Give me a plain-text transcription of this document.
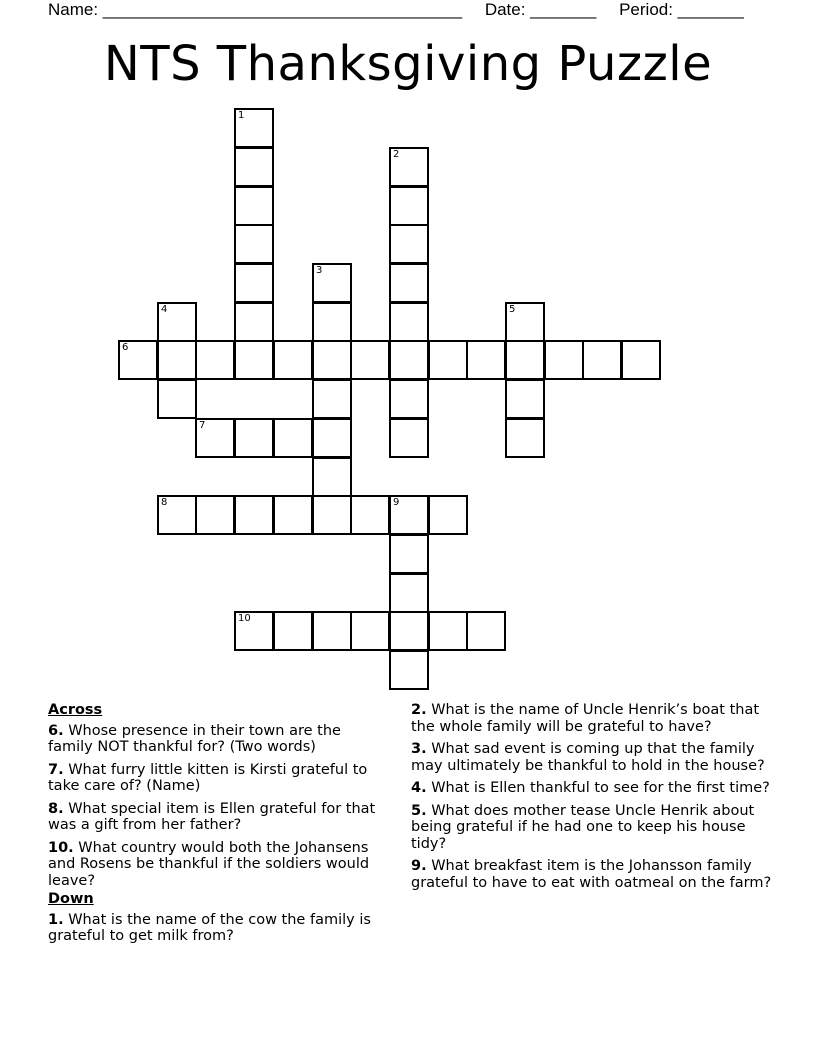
Name: ______________________________________ Date: _______ Period: _______
NTS Thanksgiving Puzzle
1
2
3
4	5
6
7
8	9
10
Across
6. Whose presence in their town are the family NOT thankful for? (Two words)
7. What furry little kitten is Kirsti grateful to take care of? (Name)
8. What special item is Ellen grateful for that was a gift from her father?
10. What country would both the Johansens and Rosens be thankful if the soldiers would leave?
Down
1. What is the name of the cow the family is grateful to get milk from?
2. What is the name of Uncle Henrik’s boat that the whole family will be grateful to have?
3. What sad event is coming up that the family may ultimately be thankful to hold in the house?
4. What is Ellen thankful to see for the first time?
5. What does mother tease Uncle Henrik about being grateful if he had one to keep his house tidy?
9. What breakfast item is the Johansson family grateful to have to eat with oatmeal on the farm?
